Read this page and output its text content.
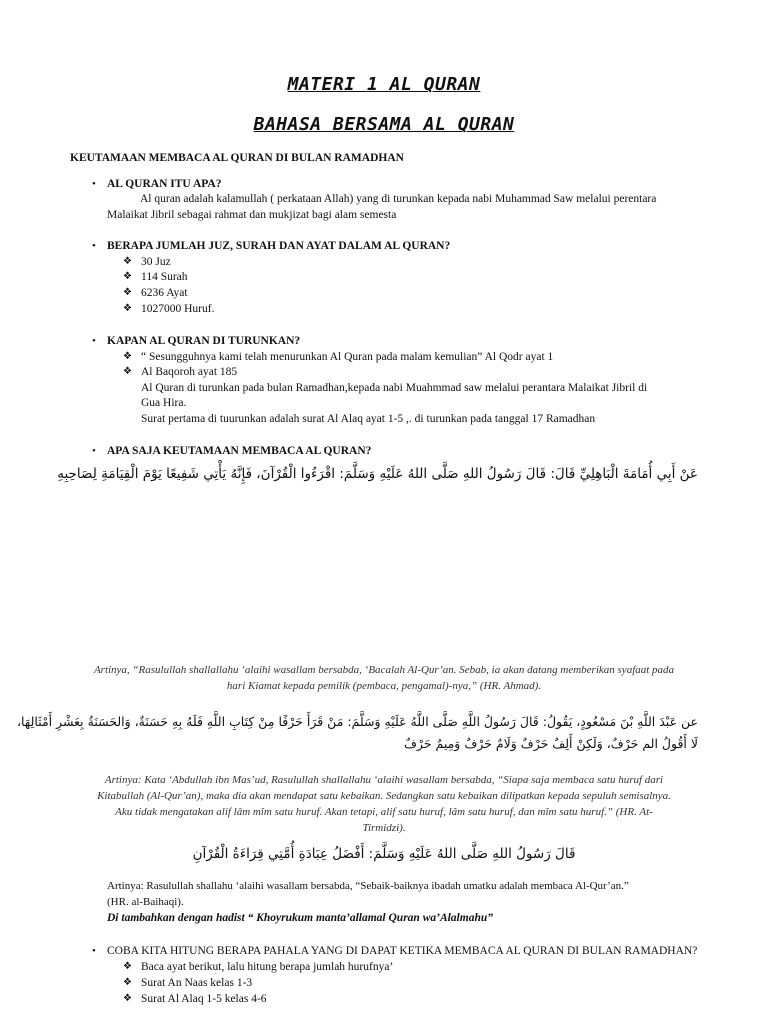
MATERI 1 AL QURAN
BAHASA BERSAMA AL QURAN
KEUTAMAAN MEMBACA AL QURAN DI BULAN RAMADHAN
• AL QURAN ITU APA?
Al quran adalah kalamullah ( perkataan Allah) yang di turunkan kepada nabi Muhammad Saw melalui perentara
Malaikat Jibril sebagai rahmat dan mukjizat bagi alam semesta
• BERAPA JUMLAH JUZ, SURAH DAN AYAT DALAM AL QURAN?
❖ 30 Juz
❖ 114 Surah
❖ 6236 Ayat
❖ 1027000 Huruf.
• KAPAN AL QURAN DI TURUNKAN?
❖ “ Sesungguhnya kami telah menurunkan Al Quran pada malam kemulian” Al Qodr ayat 1
❖ Al Baqoroh ayat 185
Al Quran di turunkan pada bulan Ramadhan,kepada nabi Muahmmad saw melalui perantara Malaikat Jibril di
Gua Hira.
Surat pertama di tuurunkan adalah surat Al Alaq ayat 1-5 ,. di turunkan pada tanggal 17 Ramadhan
• APA SAJA KEUTAMAAN MEMBACA AL QURAN?
عَنْ أَبِي أُمَامَةَ الْبَاهِلِيِّ قَالَ: قَالَ رَسُولُ اللهِ صَلَّى اللهُ عَلَيْهِ وَسَلَّمَ: اقْرَءُوا الْقُرْآنَ، فَإِنَّهُ يَأْتِي شَفِيعًا يَوْمَ الْقِيَامَةِ لِصَاحِبِهِ
Artinya, “Rasulullah shallallahu ‘alaihi wasallam bersabda, ‘Bacalah Al-Qur’an. Sebab, ia akan datang memberikan syafaat pada
hari Kiamat kepada pemilik (pembaca, pengamal)-nya,” (HR. Ahmad).
عن عَبْدَ اللَّهِ بْنَ مَسْعُودٍ، يَقُولُ: قَالَ رَسُولُ اللَّهِ صَلَّى اللَّهُ عَلَيْهِ وَسَلَّمَ: مَنْ قَرَأَ حَرْفًا مِنْ كِتَابِ اللَّهِ فَلَهُ بِهِ حَسَنَةٌ، وَالحَسَنَةُ بِعَشْرِ أَمْثَالِهَا،
لَا أَقُولُ الم حَرْفٌ، وَلَكِنْ أَلِفٌ حَرْفٌ وَلَامٌ حَرْفٌ وَمِيمٌ حَرْفٌ
Artinya: Kata ‘Abdullah ibn Mas’ud, Rasulullah shallallahu ‘alaihi wasallam bersabda, “Siapa saja membaca satu huruf dari
Kitabullah (Al-Qur’an), maka dia akan mendapat satu kebaikan. Sedangkan satu kebaikan dilipatkan kepada sepuluh semisalnya.
Aku tidak mengatakan alif lâm mîm satu huruf. Akan tetapi, alif satu huruf, lâm satu huruf, dan mîm satu huruf.” (HR. At-
Tirmidzi).
قَالَ رَسُولُ اللهِ صَلَّى اللهُ عَلَيْهِ وَسَلَّمَ: أَفْضَلُ عِبَادَةِ أُمَّتِي قِرَاءَةُ الْقُرْآنِ
Artinya: Rasulullah shallahu ‘alaihi wasallam bersabda, “Sebaik-baiknya ibadah umatku adalah membaca Al-Qur’an.”
(HR. al-Baihaqi).
Di tambahkan dengan hadist “ Khoyrukum manta’allamal Quran wa’Alalmahu”
• COBA KITA HITUNG BERAPA PAHALA YANG DI DAPAT KETIKA MEMBACA AL QURAN DI BULAN RAMADHAN?
❖ Baca ayat berikut, lalu hitung berapa jumlah hurufnya’
❖ Surat An Naas kelas 1-3
❖ Surat Al Alaq 1-5 kelas 4-6
